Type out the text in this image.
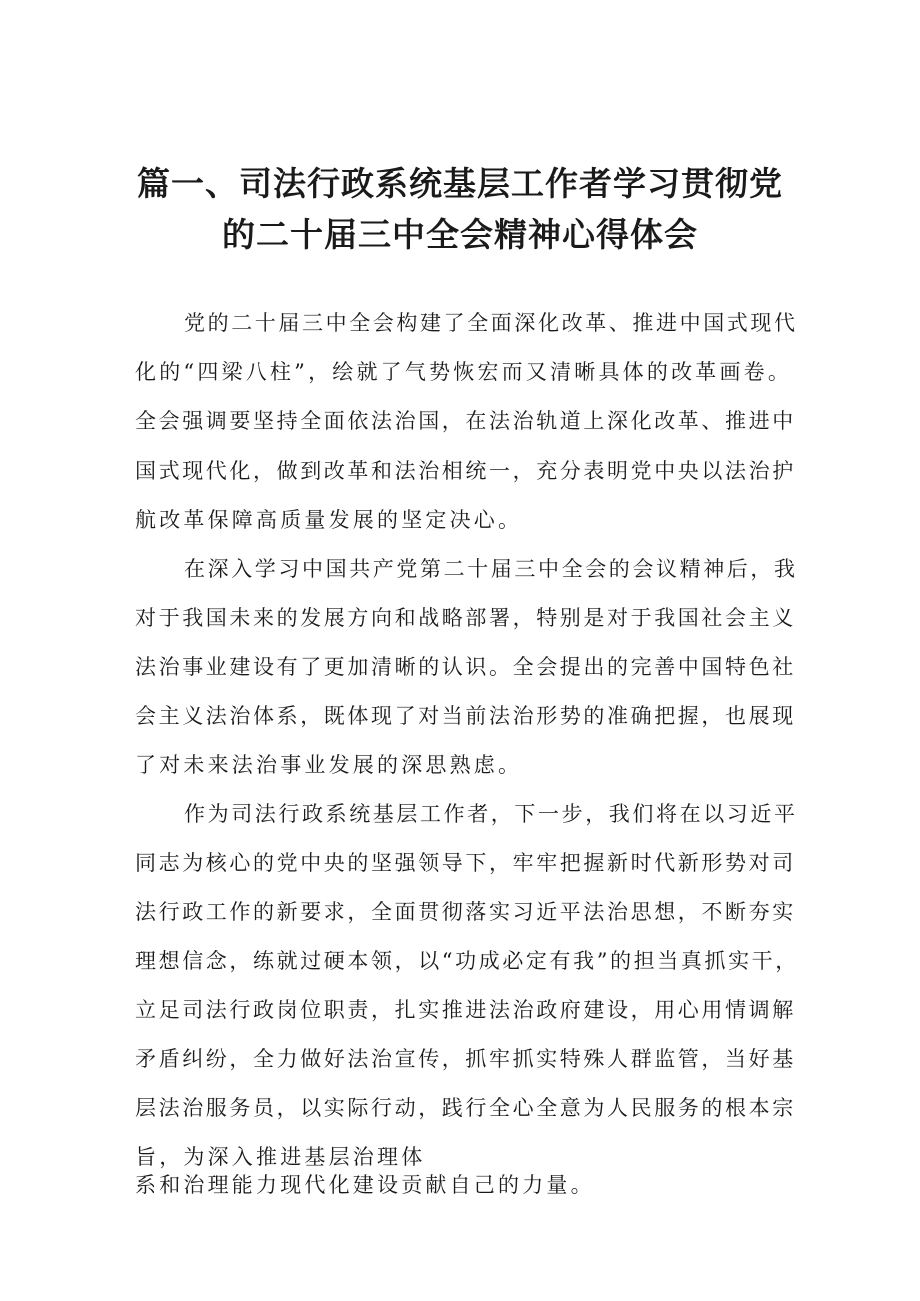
篇一、司法行政系统基层工作者学习贯彻党
的二十届三中全会精神心得体会
党的二十届三中全会构建了全面深化改革、推进中国式现代
化的“四梁八柱”，绘就了气势恢宏而又清晰具体的改革画卷。
全会强调要坚持全面依法治国，在法治轨道上深化改革、推进中
国式现代化，做到改革和法治相统一，充分表明党中央以法治护
航改革保障高质量发展的坚定决心。
在深入学习中国共产党第二十届三中全会的会议精神后，我
对于我国未来的发展方向和战略部署，特别是对于我国社会主义
法治事业建设有了更加清晰的认识。全会提出的完善中国特色社
会主义法治体系，既体现了对当前法治形势的准确把握，也展现
了对未来法治事业发展的深思熟虑。
作为司法行政系统基层工作者，下一步，我们将在以习近平
同志为核心的党中央的坚强领导下，牢牢把握新时代新形势对司
法行政工作的新要求，全面贯彻落实习近平法治思想，不断夯实
理想信念，练就过硬本领，以“功成必定有我”的担当真抓实干，
立足司法行政岗位职责，扎实推进法治政府建设，用心用情调解
矛盾纠纷，全力做好法治宣传，抓牢抓实特殊人群监管，当好基
层法治服务员，以实际行动，践行全心全意为人民服务的根本宗
旨，为深入推进基层治理体
系和治理能力现代化建设贡献自己的力量。
